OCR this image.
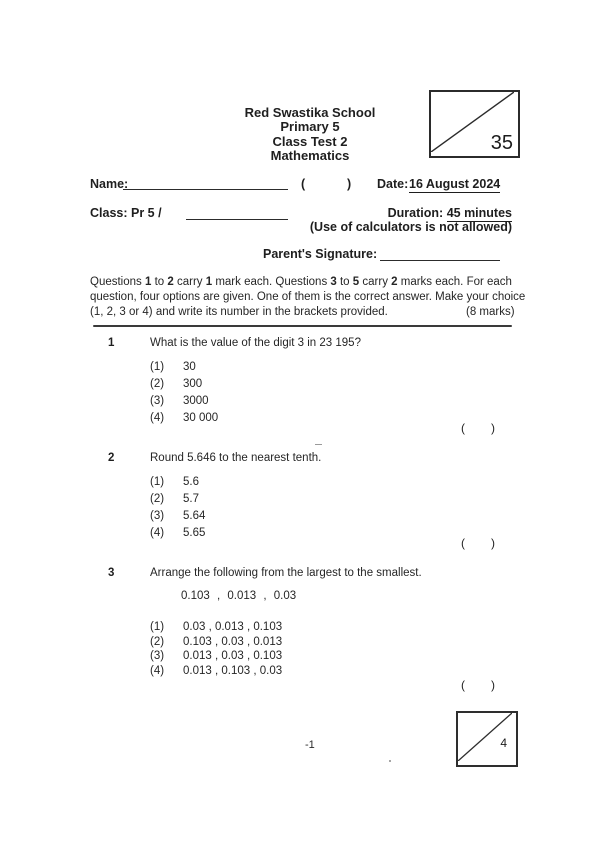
Red Swastika School
Primary 5
Class Test 2
Mathematics
35
Name:	(	) Date: 16 August 2024
Class: Pr 5 /	Duration: 45 minutes
(Use of calculators is not allowed)
Parent's Signature:
Questions 1 to 2 carry 1 mark each. Questions 3 to 5 carry 2 marks each. For each
question, four options are given. One of them is the correct answer. Make your choice
(1, 2, 3 or 4) and write its number in the brackets provided.	(8 marks)
1	What is the value of the digit 3 in 23 195?
(1) 30
(2) 300
(3) 3000
(4) 30 000
( )
2	Round 5.646 to the nearest tenth.
(1) 5.6
(2) 5.7
(3) 5.64
(4) 5.65
( )
3	Arrange the following from the largest to the smallest.
0.103 , 0.013 , 0.03
(1) 0.03 , 0.013 , 0.103
(2) 0.103 , 0.03 , 0.013
(3) 0.013 , 0.03 , 0.103
(4) 0.013 , 0.103 , 0.03
( )
-1	4
